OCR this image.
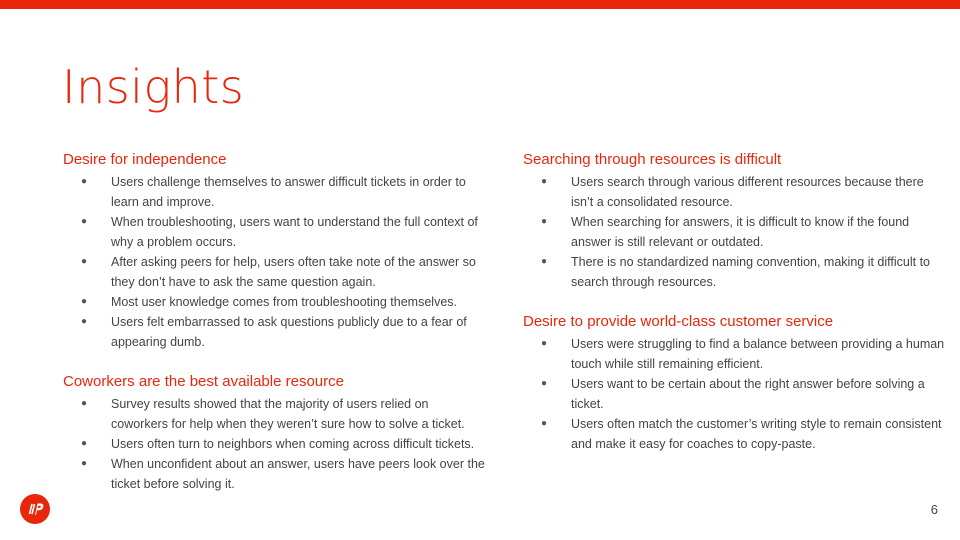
Insights
Desire for independence
● Users challenge themselves to answer difficult tickets in order to learn and improve.
● When troubleshooting, users want to understand the full context of why a problem occurs.
● After asking peers for help, users often take note of the answer so they don’t have to ask the same question again.
● Most user knowledge comes from troubleshooting themselves.
● Users felt embarrassed to ask questions publicly due to a fear of appearing dumb.
Coworkers are the best available resource
● Survey results showed that the majority of users relied on coworkers for help when they weren’t sure how to solve a ticket.
● Users often turn to neighbors when coming across difficult tickets.
● When unconfident about an answer, users have peers look over the ticket before solving it.
Searching through resources is difficult
● Users search through various different resources because there isn’t a consolidated resource.
● When searching for answers, it is difficult to know if the found answer is still relevant or outdated.
● There is no standardized naming convention, making it difficult to search through resources.
Desire to provide world-class customer service
● Users were struggling to find a balance between providing a human touch while still remaining efficient.
● Users want to be certain about the right answer before solving a ticket.
● Users often match the customer’s writing style to remain consistent and make it easy for coaches to copy-paste.
6
